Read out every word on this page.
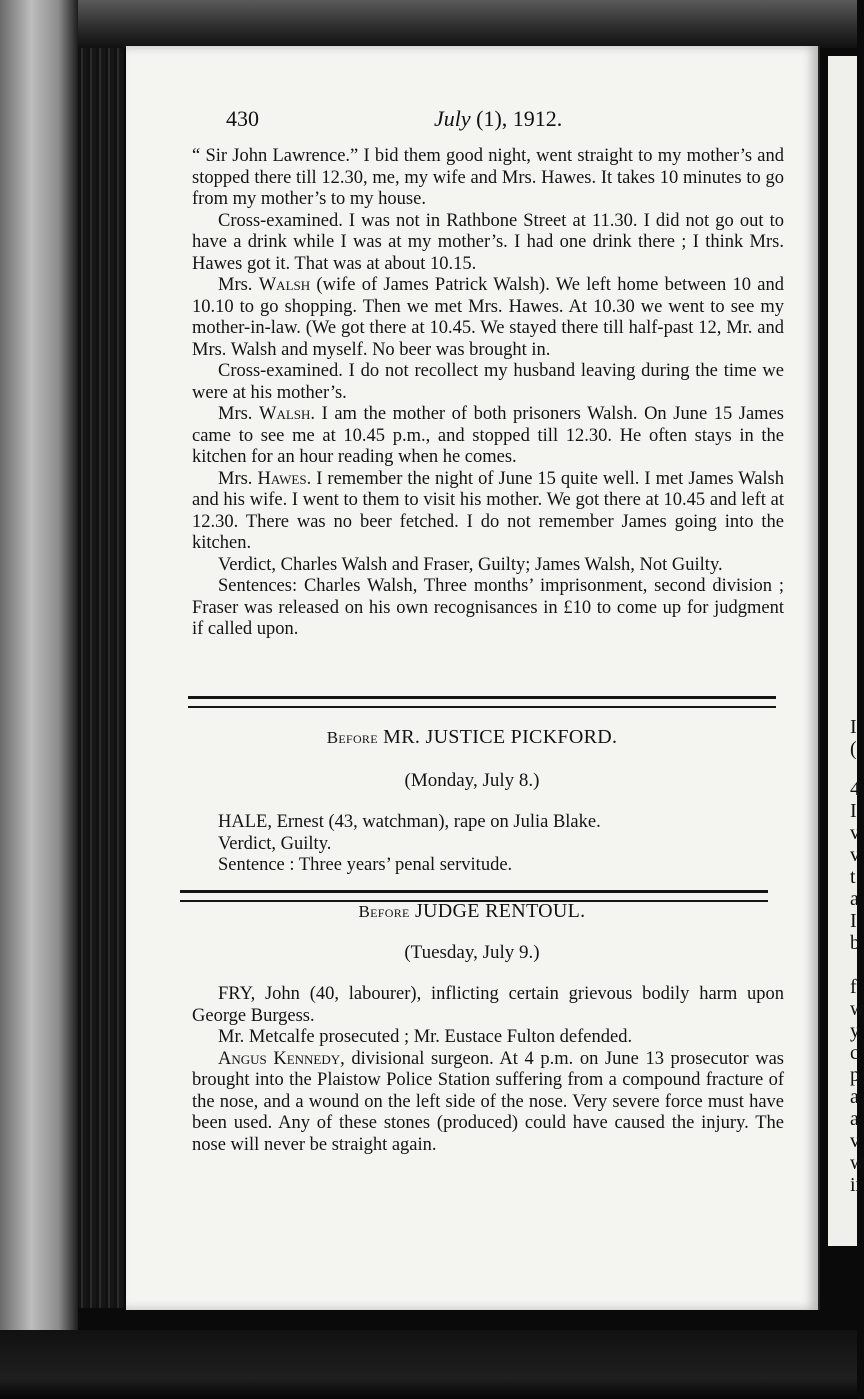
I
(
4
I
v
v
t
a
I
b
f
w
y
c
p
a
a
v
w
ir
430	July (1), 1912.

“ Sir John Lawrence.” I bid them good night, went straight to my mother’s and stopped there till 12.30, me, my wife and Mrs. Hawes. It takes 10 minutes to go from my mother’s to my house.

Cross-examined. I was not in Rathbone Street at 11.30. I did not go out to have a drink while I was at my mother’s. I had one drink there ; I think Mrs. Hawes got it. That was at about 10.15.

Mrs. Walsh (wife of James Patrick Walsh). We left home between 10 and 10.10 to go shopping. Then we met Mrs. Hawes. At 10.30 we went to see my mother-in-law. (We got there at 10.45. We stayed there till half-past 12, Mr. and Mrs. Walsh and myself. No beer was brought in.

Cross-examined. I do not recollect my husband leaving during the time we were at his mother’s.

Mrs. Walsh. I am the mother of both prisoners Walsh. On June 15 James came to see me at 10.45 p.m., and stopped till 12.30. He often stays in the kitchen for an hour reading when he comes.

Mrs. Hawes. I remember the night of June 15 quite well. I met James Walsh and his wife. I went to them to visit his mother. We got there at 10.45 and left at 12.30. There was no beer fetched. I do not remember James going into the kitchen.

Verdict, Charles Walsh and Fraser, Guilty; James Walsh, Not Guilty.

Sentences: Charles Walsh, Three months’ imprisonment, second division ; Fraser was released on his own recognisances in £10 to come up for judgment if called upon.

Before MR. JUSTICE PICKFORD.
(Monday, July 8.)

HALE, Ernest (43, watchman), rape on Julia Blake.

Verdict, Guilty.

Sentence : Three years’ penal servitude.

Before JUDGE RENTOUL.
(Tuesday, July 9.)

FRY, John (40, labourer), inflicting certain grievous bodily harm upon George Burgess.

Mr. Metcalfe prosecuted ; Mr. Eustace Fulton defended.

Angus Kennedy, divisional surgeon. At 4 p.m. on June 13 prosecutor was brought into the Plaistow Police Station suffering from a compound fracture of the nose, and a wound on the left side of the nose. Very severe force must have been used. Any of these stones (produced) could have caused the injury. The nose will never be straight again.
